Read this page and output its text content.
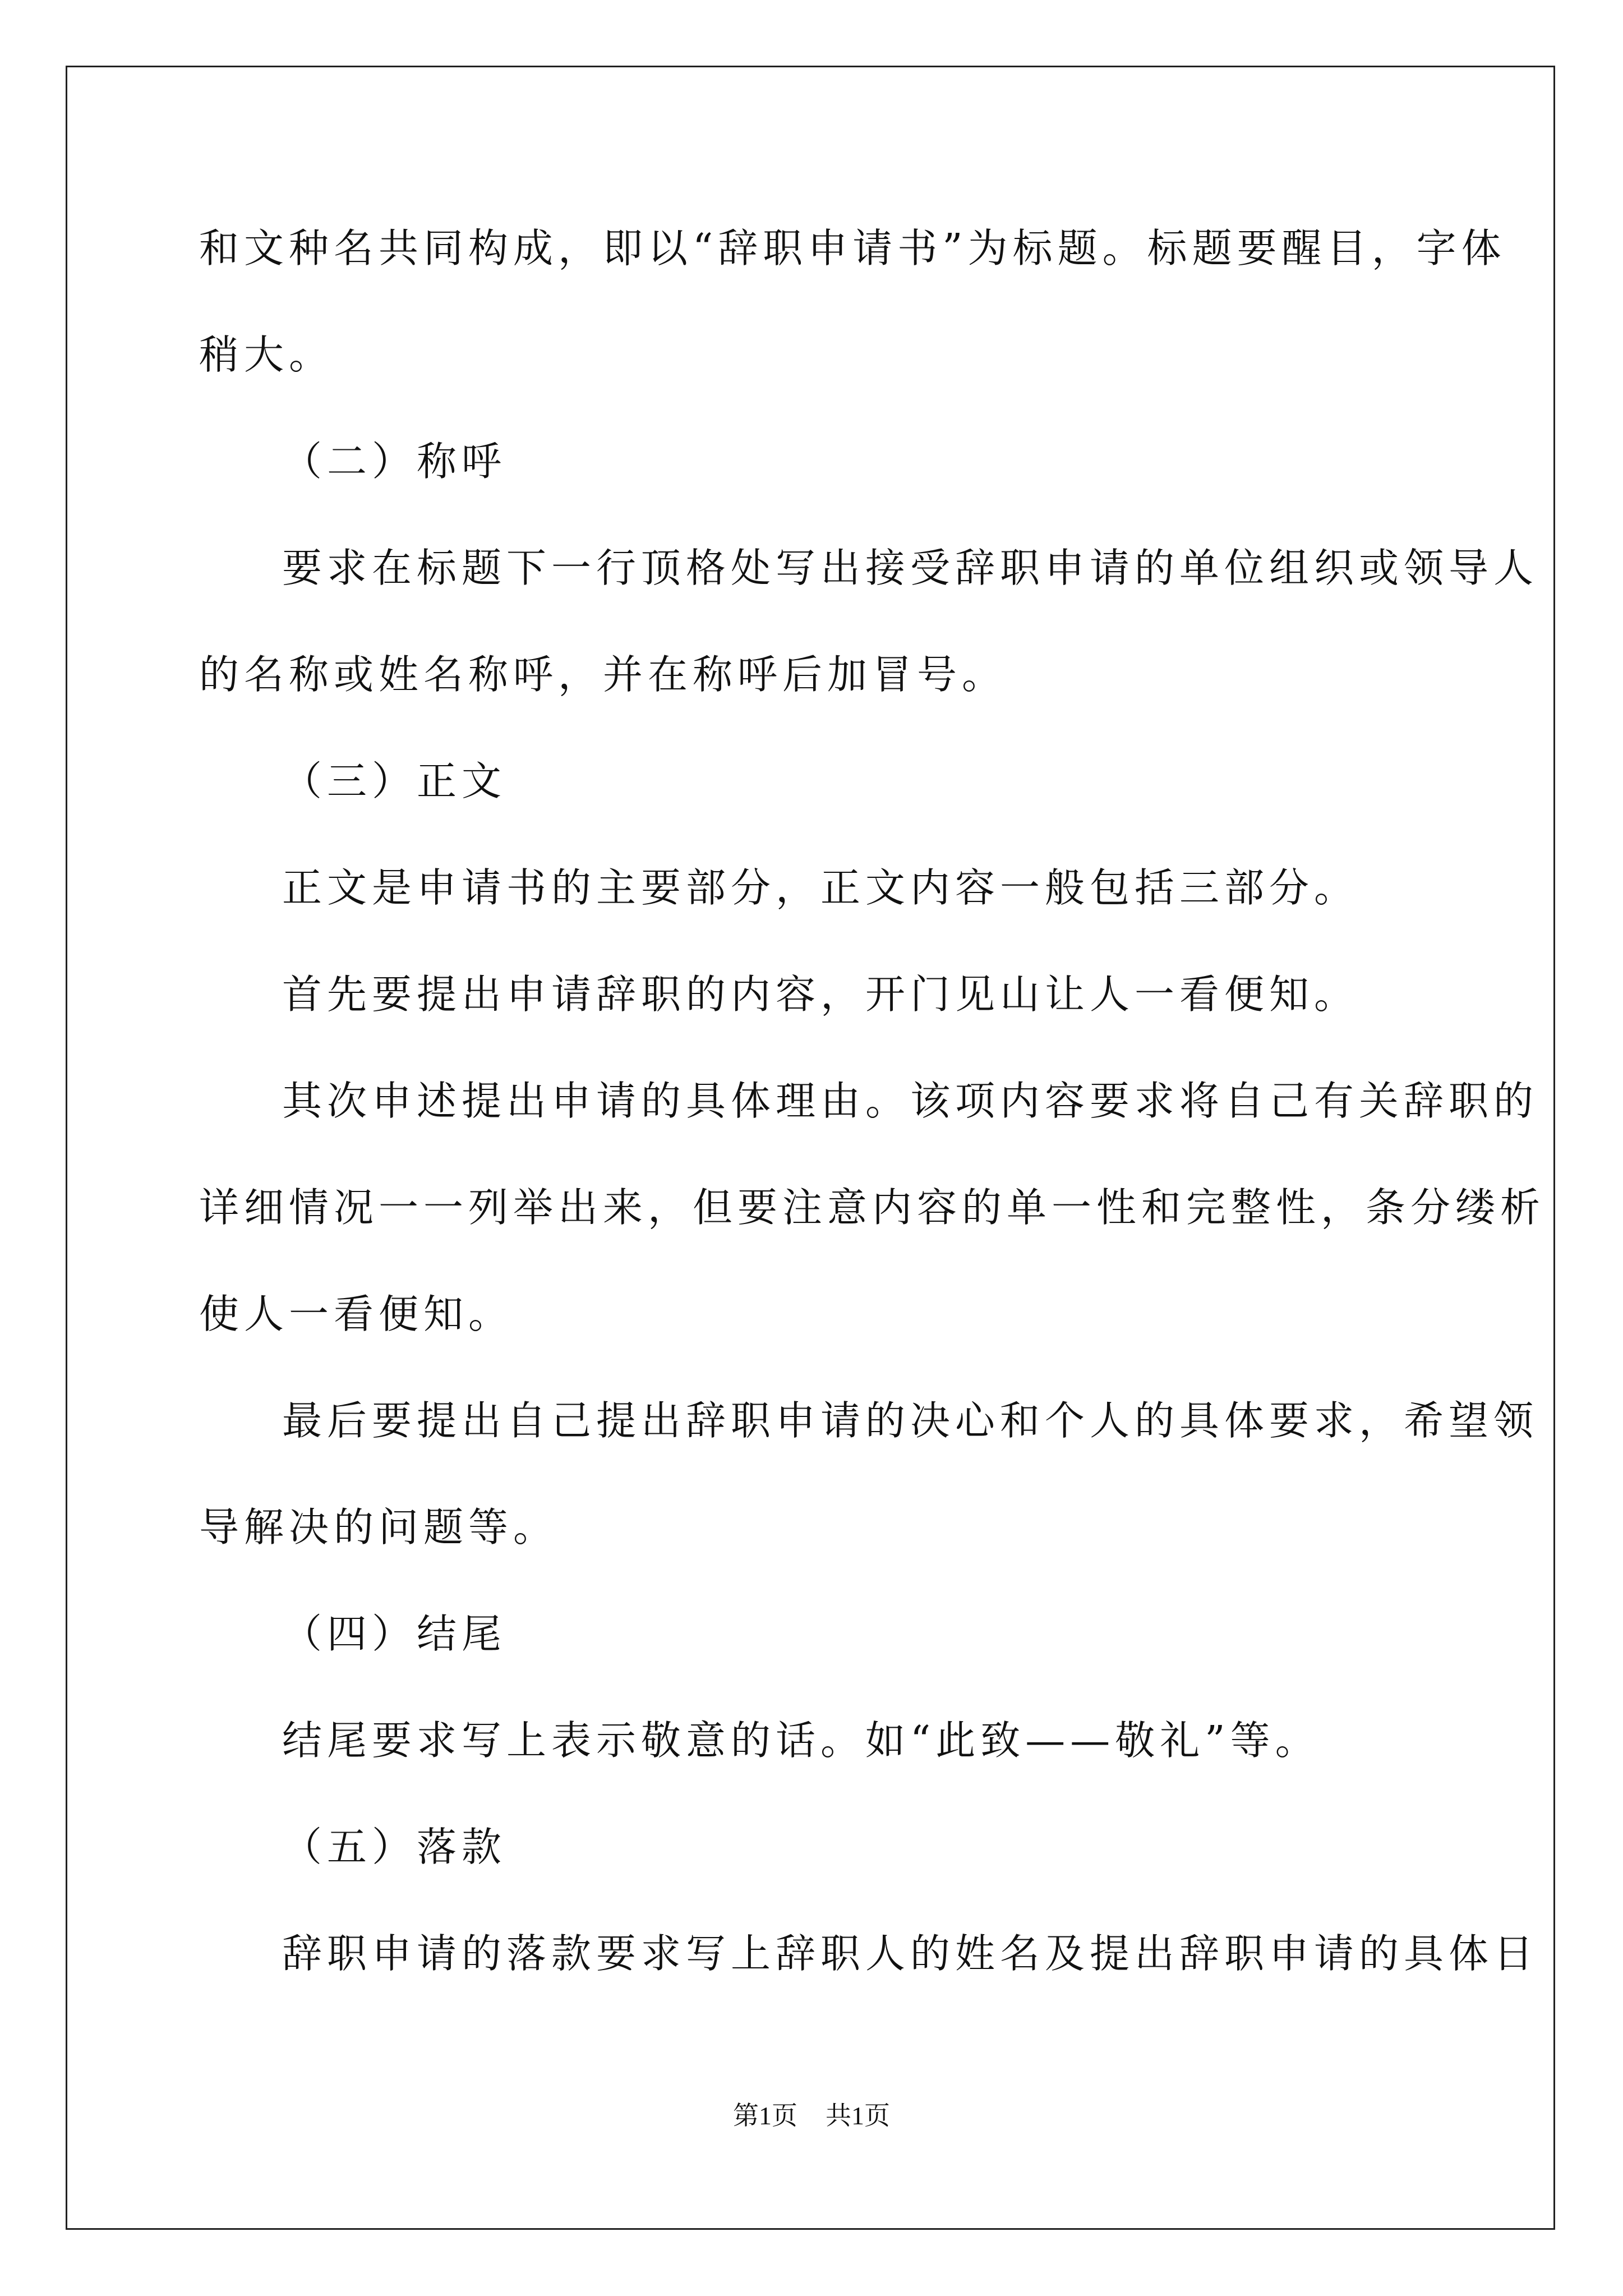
和文种名共同构成，即以“辞职申请书”为标题。标题要醒目，字体

稍大。

（二）称呼

要求在标题下一行顶格处写出接受辞职申请的单位组织或领导人

的名称或姓名称呼，并在称呼后加冒号。

（三）正文

正文是申请书的主要部分，正文内容一般包括三部分。

首先要提出申请辞职的内容，开门见山让人一看便知。

其次申述提出申请的具体理由。该项内容要求将自己有关辞职的

详细情况一一列举出来，但要注意内容的单一性和完整性，条分缕析

使人一看便知。

最后要提出自己提出辞职申请的决心和个人的具体要求，希望领

导解决的问题等。

（四）结尾

结尾要求写上表示敬意的话。如“此致——敬礼”等。

（五）落款

辞职申请的落款要求写上辞职人的姓名及提出辞职申请的具体日

第1页 共1页
